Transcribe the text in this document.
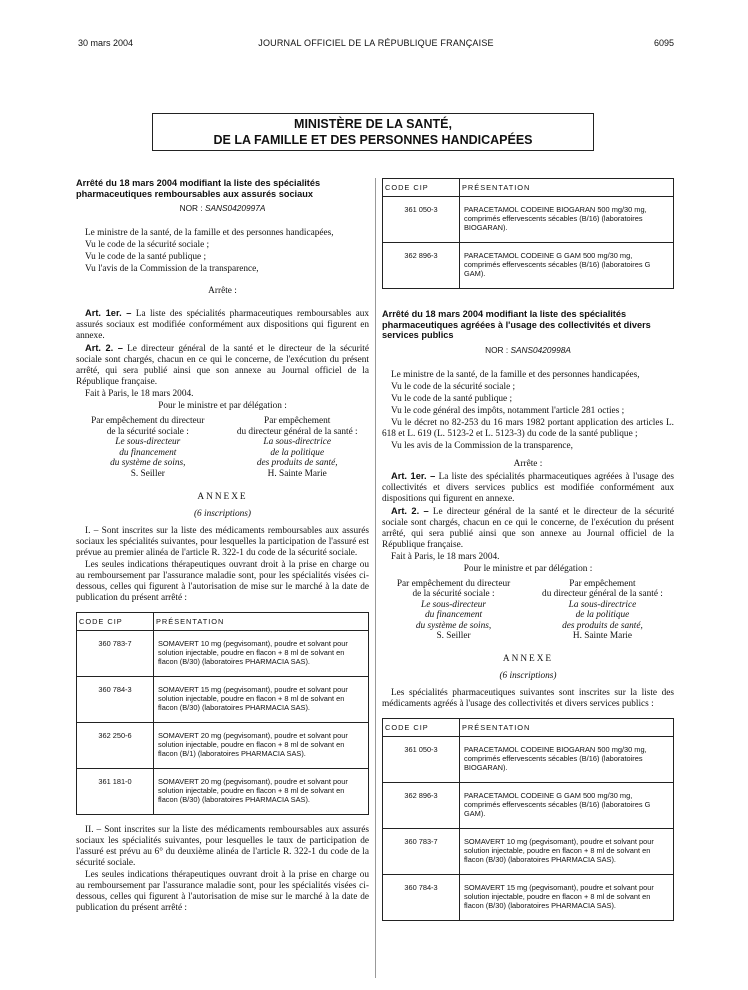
30 mars 2004	JOURNAL OFFICIEL DE LA RÉPUBLIQUE FRANÇAISE	6095
MINISTÈRE DE LA SANTÉ,
DE LA FAMILLE ET DES PERSONNES HANDICAPÉES
Arrêté du 18 mars 2004 modifiant la liste des spécialités pharmaceutiques remboursables aux assurés sociaux
NOR : SANS0420997A

Le ministre de la santé, de la famille et des personnes handicapées,

Vu le code de la sécurité sociale ;

Vu le code de la santé publique ;

Vu l'avis de la Commission de la transparence,

Arrête :

Art. 1er. – La liste des spécialités pharmaceutiques remboursables aux assurés sociaux est modifiée conformément aux dispositions qui figurent en annexe.

Art. 2. – Le directeur général de la santé et le directeur de la sécurité sociale sont chargés, chacun en ce qui le concerne, de l'exécution du présent arrêté, qui sera publié ainsi que son annexe au Journal officiel de la République française.

Fait à Paris, le 18 mars 2004.

Pour le ministre et par délégation :

Par empêchement du directeur
de la sécurité sociale :
Le sous-directeur
du financement
du système de soins,
S. Seiller
Par empêchement
du directeur général de la santé :
La sous-directrice
de la politique
des produits de santé,
H. Sainte Marie
ANNEXE
(6 inscriptions)

I. – Sont inscrites sur la liste des médicaments remboursables aux assurés sociaux les spécialités suivantes, pour lesquelles la participation de l'assuré est prévue au premier alinéa de l'article R. 322-1 du code de la sécurité sociale.

Les seules indications thérapeutiques ouvrant droit à la prise en charge ou au remboursement par l'assurance maladie sont, pour les spécialités visées ci-dessous, celles qui figurent à l'autorisation de mise sur le marché à la date de publication du présent arrêté :

CODE CIP	PRÉSENTATION
360 783-7	SOMAVERT 10 mg (pegvisomant), poudre et solvant pour solution injectable, poudre en flacon + 8 ml de solvant en flacon (B/30) (laboratoires PHARMACIA SAS).
360 784-3	SOMAVERT 15 mg (pegvisomant), poudre et solvant pour solution injectable, poudre en flacon + 8 ml de solvant en flacon (B/30) (laboratoires PHARMACIA SAS).
362 250-6	SOMAVERT 20 mg (pegvisomant), poudre et solvant pour solution injectable, poudre en flacon + 8 ml de solvant en flacon (B/1) (laboratoires PHARMACIA SAS).
361 181-0	SOMAVERT 20 mg (pegvisomant), poudre et solvant pour solution injectable, poudre en flacon + 8 ml de solvant en flacon (B/30) (laboratoires PHARMACIA SAS).

II. – Sont inscrites sur la liste des médicaments remboursables aux assurés sociaux les spécialités suivantes, pour lesquelles le taux de participation de l'assuré est prévu au 6° du deuxième alinéa de l'article R. 322-1 du code de la sécurité sociale.

Les seules indications thérapeutiques ouvrant droit à la prise en charge ou au remboursement par l'assurance maladie sont, pour les spécialités visées ci-dessous, celles qui figurent à l'autorisation de mise sur le marché à la date de publication du présent arrêté :

CODE CIP	PRÉSENTATION
361 050-3	PARACETAMOL CODEINE BIOGARAN 500 mg/30 mg, comprimés effervescents sécables (B/16) (laboratoires BIOGARAN).
362 896-3	PARACETAMOL CODEINE G GAM 500 mg/30 mg, comprimés effervescents sécables (B/16) (laboratoires G GAM).
Arrêté du 18 mars 2004 modifiant la liste des spécialités pharmaceutiques agréées à l'usage des collectivités et divers services publics
NOR : SANS0420998A

Le ministre de la santé, de la famille et des personnes handicapées,

Vu le code de la sécurité sociale ;

Vu le code de la santé publique ;

Vu le code général des impôts, notamment l'article 281 octies ;

Vu le décret no 82-253 du 16 mars 1982 portant application des articles L. 618 et L. 619 (L. 5123-2 et L. 5123-3) du code de la santé publique ;

Vu les avis de la Commission de la transparence,

Arrête :

Art. 1er. – La liste des spécialités pharmaceutiques agréées à l'usage des collectivités et divers services publics est modifiée conformément aux dispositions qui figurent en annexe.

Art. 2. – Le directeur général de la santé et le directeur de la sécurité sociale sont chargés, chacun en ce qui le concerne, de l'exécution du présent arrêté, qui sera publié ainsi que son annexe au Journal officiel de la République française.

Fait à Paris, le 18 mars 2004.

Pour le ministre et par délégation :

Par empêchement du directeur
de la sécurité sociale :
Le sous-directeur
du financement
du système de soins,
S. Seiller
Par empêchement
du directeur général de la santé :
La sous-directrice
de la politique
des produits de santé,
H. Sainte Marie
ANNEXE
(6 inscriptions)

Les spécialités pharmaceutiques suivantes sont inscrites sur la liste des médicaments agréés à l'usage des collectivités et divers services publics :

CODE CIP	PRÉSENTATION
361 050-3	PARACETAMOL CODEINE BIOGARAN 500 mg/30 mg, comprimés effervescents sécables (B/16) (laboratoires BIOGARAN).
362 896-3	PARACETAMOL CODEINE G GAM 500 mg/30 mg, comprimés effervescents sécables (B/16) (laboratoires G GAM).
360 783-7	SOMAVERT 10 mg (pegvisomant), poudre et solvant pour solution injectable, poudre en flacon + 8 ml de solvant en flacon (B/30) (laboratoires PHARMACIA SAS).
360 784-3	SOMAVERT 15 mg (pegvisomant), poudre et solvant pour solution injectable, poudre en flacon + 8 ml de solvant en flacon (B/30) (laboratoires PHARMACIA SAS).
